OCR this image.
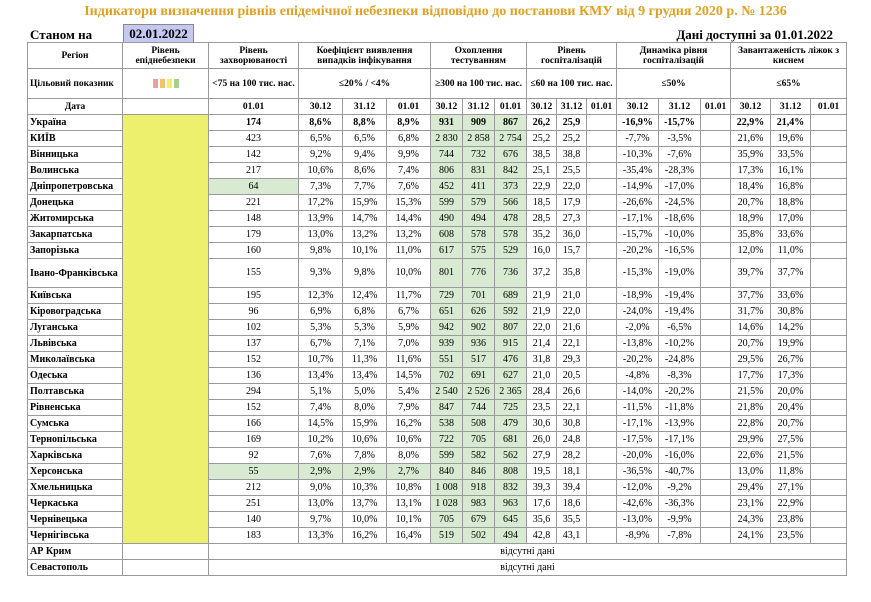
Індикатори визначення рівнів епідемічної небезпеки відповідно до постанови КМУ від 9 грудня 2020 р. № 1236
Станом на	02.01.2022	Дані доступні за 01.01.2022
Регіон	Рівень епіднебезпеки	Рівень захворюваності	Коефіцієнт виявлення випадків інфікування			Охоплення тестуванням			Рівень госпіталізацій			Динаміка рівня госпіталізацій			Завантаженість ліжок з киснем		
Цільовий показник		<75 на 100 тис. нас.	≤20% / <4%			≥300 на 100 тис. нас.			≤60 на 100 тис. нас.			≤50%			≤65%		
Дата		01.01	30.12	31.12	01.01	30.12	31.12	01.01	30.12	31.12	01.01	30.12	31.12	01.01	30.12	31.12	01.01
Україна		174	8,6%	8,8%	8,9%	931	909	867	26,2	25,9		-16,9%	-15,7%		22,9%	21,4%	
КИЇВ		423	6,5%	6,5%	6,8%	2 830	2 858	2 754	25,2	25,2		-7,7%	-3,5%		21,6%	19,6%	
Вінницька		142	9,2%	9,4%	9,9%	744	732	676	38,5	38,8		-10,3%	-7,6%		35,9%	33,5%	
Волинська		217	10,6%	8,6%	7,4%	806	831	842	25,1	25,5		-35,4%	-28,3%		17,3%	16,1%	
Дніпропетровська		64	7,3%	7,7%	7,6%	452	411	373	22,9	22,0		-14,9%	-17,0%		18,4%	16,8%	
Донецька		221	17,2%	15,9%	15,3%	599	579	566	18,5	17,9		-26,6%	-24,5%		20,7%	18,8%	
Житомирська		148	13,9%	14,7%	14,4%	490	494	478	28,5	27,3		-17,1%	-18,6%		18,9%	17,0%	
Закарпатська		179	13,0%	13,2%	13,2%	608	578	578	35,2	36,0		-15,7%	-10,0%		35,8%	33,6%	
Запорізька		160	9,8%	10,1%	11,0%	617	575	529	16,0	15,7		-20,2%	-16,5%		12,0%	11,0%	
Івано-Франківська		155	9,3%	9,8%	10,0%	801	776	736	37,2	35,8		-15,3%	-19,0%		39,7%	37,7%	
Київська		195	12,3%	12,4%	11,7%	729	701	689	21,9	21,0		-18,9%	-19,4%		37,7%	33,6%	
Кіровоградська		96	6,9%	6,8%	6,7%	651	626	592	21,9	22,0		-24,0%	-19,4%		31,7%	30,8%	
Луганська		102	5,3%	5,3%	5,9%	942	902	807	22,0	21,6		-2,0%	-6,5%		14,6%	14,2%	
Львівська		137	6,7%	7,1%	7,0%	939	936	915	21,4	22,1		-13,8%	-10,2%		20,7%	19,9%	
Миколаївська		152	10,7%	11,3%	11,6%	551	517	476	31,8	29,3		-20,2%	-24,8%		29,5%	26,7%	
Одеська		136	13,4%	13,4%	14,5%	702	691	627	21,0	20,5		-4,8%	-8,3%		17,7%	17,3%	
Полтавська		294	5,1%	5,0%	5,4%	2 540	2 526	2 365	28,4	26,6		-14,0%	-20,2%		21,5%	20,0%	
Рівненська		152	7,4%	8,0%	7,9%	847	744	725	23,5	22,1		-11,5%	-11,8%		21,8%	20,4%	
Сумська		166	14,5%	15,9%	16,2%	538	508	479	30,6	30,8		-17,1%	-13,9%		22,8%	20,7%	
Тернопільська		169	10,2%	10,6%	10,6%	722	705	681	26,0	24,8		-17,5%	-17,1%		29,9%	27,5%	
Харківська		92	7,6%	7,8%	8,0%	599	582	562	27,9	28,2		-20,0%	-16,0%		22,6%	21,5%	
Херсонська		55	2,9%	2,9%	2,7%	840	846	808	19,5	18,1		-36,5%	-40,7%		13,0%	11,8%	
Хмельницька		212	9,0%	10,3%	10,8%	1 008	918	832	39,3	39,4		-12,0%	-9,2%		29,4%	27,1%	
Черкаська		251	13,0%	13,7%	13,1%	1 028	983	963	17,6	18,6		-42,6%	-36,3%		23,1%	22,9%	
Чернівецька		140	9,7%	10,0%	10,1%	705	679	645	35,6	35,5		-13,0%	-9,9%		24,3%	23,8%	
Чернігівська		183	13,3%	16,2%	16,4%	519	502	494	42,8	43,1		-8,9%	-7,8%		24,1%	23,5%	
АР Крим		відсутні дані															
Севастополь		відсутні дані															
